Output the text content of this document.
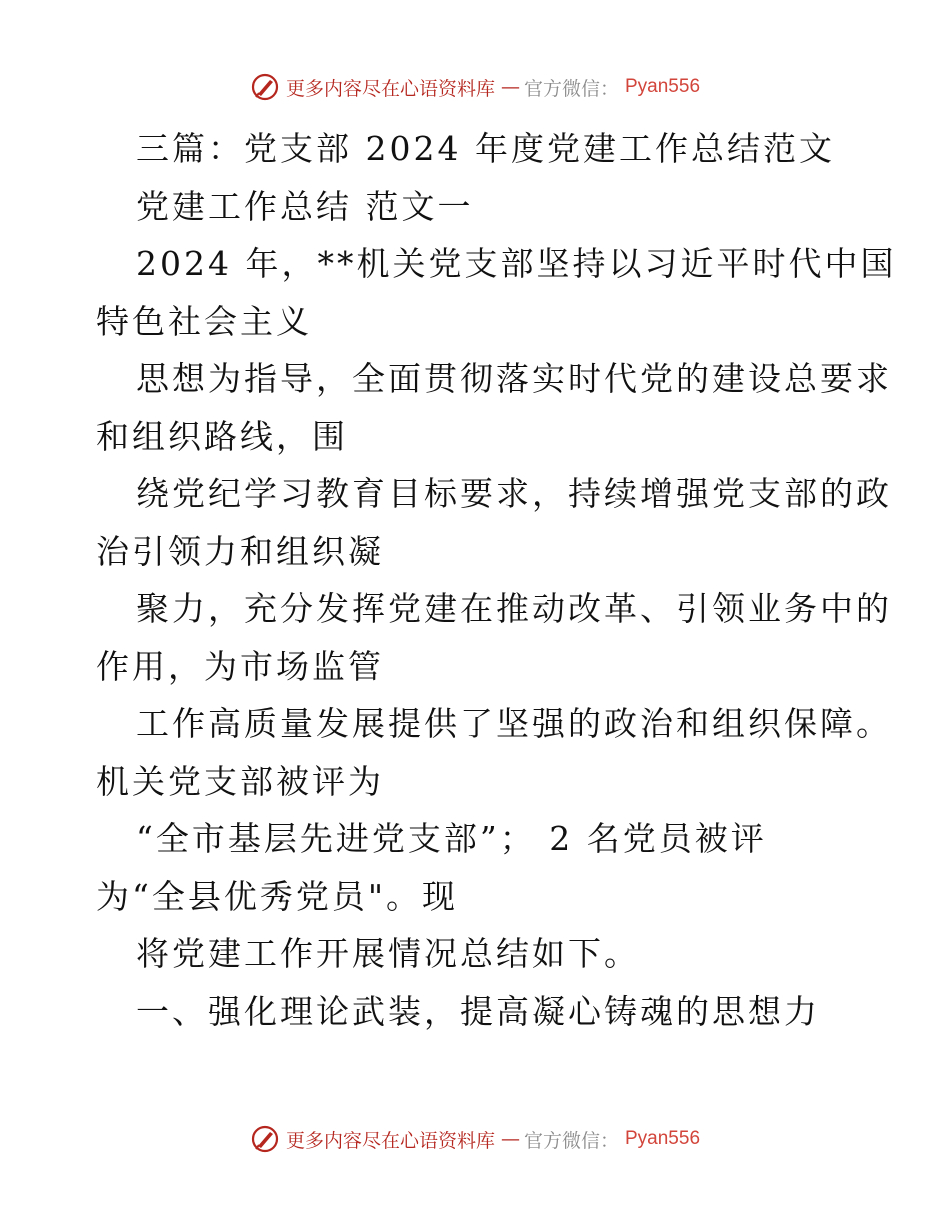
更多内容尽在心语资料库 — 官方微信： Pyan556
三篇：党支部 2024 年度党建工作总结范文
党建工作总结 范文一
2024 年，**机关党支部坚持以习近平时代中国
特色社会主义
思想为指导，全面贯彻落实时代党的建设总要求
和组织路线，围
绕党纪学习教育目标要求，持续增强党支部的政
治引领力和组织凝
聚力，充分发挥党建在推动改革、引领业务中的
作用，为市场监管
工作高质量发展提供了坚强的政治和组织保障。
机关党支部被评为
“全市基层先进党支部”； 2 名党员被评
为“全县优秀党员"。现
将党建工作开展情况总结如下。
一、强化理论武装，提高凝心铸魂的思想力
更多内容尽在心语资料库 — 官方微信： Pyan556
